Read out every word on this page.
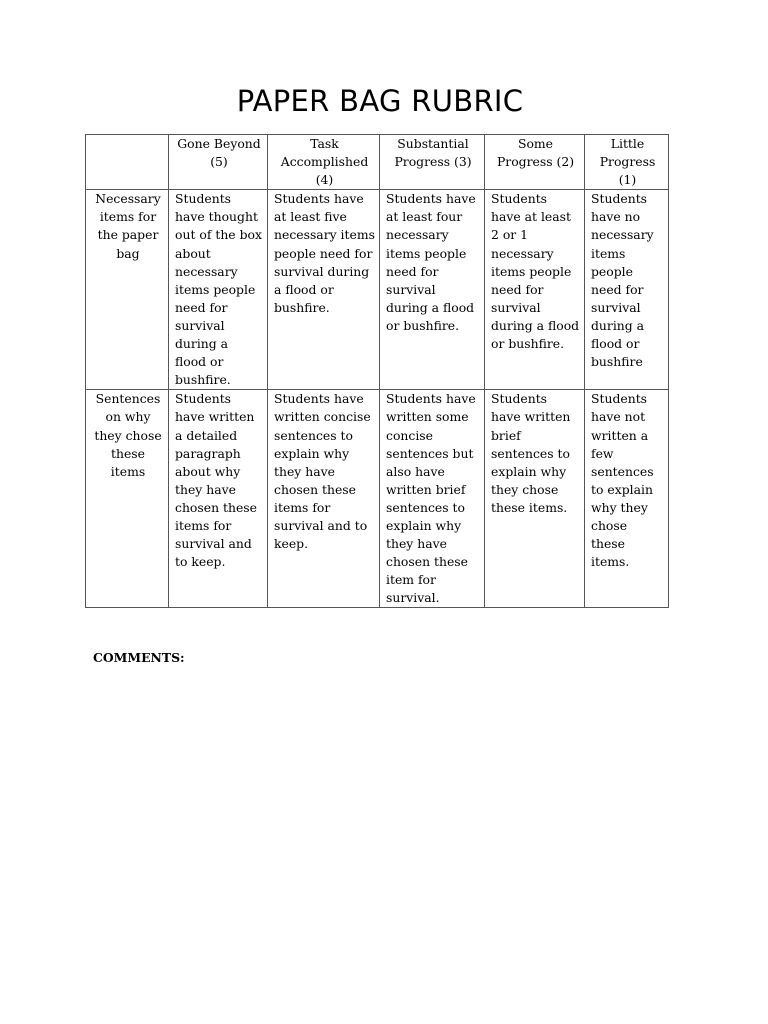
PAPER BAG RUBRIC
	Gone Beyond (5)	Task Accomplished (4)	Substantial Progress (3)	Some Progress (2)	Little Progress (1)
Necessary items for the paper bag	Students have thought out of the box about necessary items people need for survival during a flood or bushfire.	Students have at least five necessary items people need for survival during a flood or bushfire.	Students have at least four necessary items people need for survival during a flood or bushfire.	Students have at least 2 or 1 necessary items people need for survival during a flood or bushfire.	Students have no necessary items people need for survival during a flood or bushfire
Sentences on why they chose these items	Students have written a detailed paragraph about why they have chosen these items for survival and to keep.	Students have written concise sentences to explain why they have chosen these items for survival and to keep.	Students have written some concise sentences but also have written brief sentences to explain why they have chosen these item for survival.	Students have written brief sentences to explain why they chose these items.	Students have not written a few sentences to explain why they chose these items.
COMMENTS:
